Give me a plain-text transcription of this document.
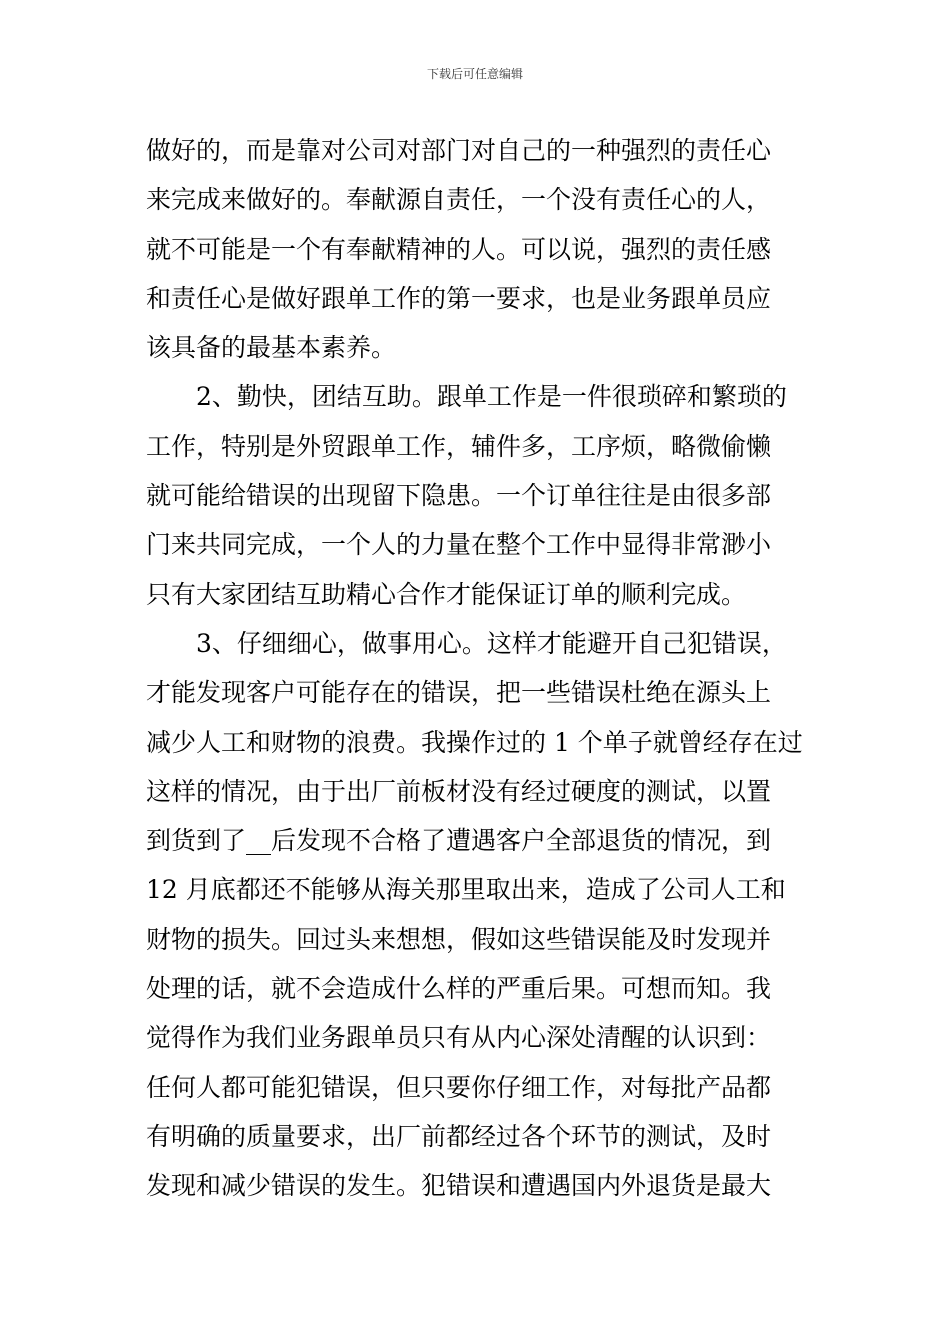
下载后可任意编辑
做好的，而是靠对公司对部门对自己的一种强烈的责任心
来完成来做好的。奉献源自责任，一个没有责任心的人，
就不可能是一个有奉献精神的人。可以说，强烈的责任感
和责任心是做好跟单工作的第一要求，也是业务跟单员应
该具备的最基本素养。
2、勤快，团结互助。跟单工作是一件很琐碎和繁琐的
工作，特别是外贸跟单工作，辅件多，工序烦，略微偷懒
就可能给错误的出现留下隐患。一个订单往往是由很多部
门来共同完成，一个人的力量在整个工作中显得非常渺小
只有大家团结互助精心合作才能保证订单的顺利完成。
3、仔细细心，做事用心。这样才能避开自己犯错误，
才能发现客户可能存在的错误，把一些错误杜绝在源头上
减少人工和财物的浪费。我操作过的 1 个单子就曾经存在过
这样的情况，由于出厂前板材没有经过硬度的测试，以置
到货到了__后发现不合格了遭遇客户全部退货的情况，到
12 月底都还不能够从海关那里取出来，造成了公司人工和
财物的损失。回过头来想想，假如这些错误能及时发现并
处理的话，就不会造成什么样的严重后果。可想而知。我
觉得作为我们业务跟单员只有从内心深处清醒的认识到：
任何人都可能犯错误，但只要你仔细工作，对每批产品都
有明确的质量要求，出厂前都经过各个环节的测试，及时
发现和减少错误的发生。犯错误和遭遇国内外退货是最大
